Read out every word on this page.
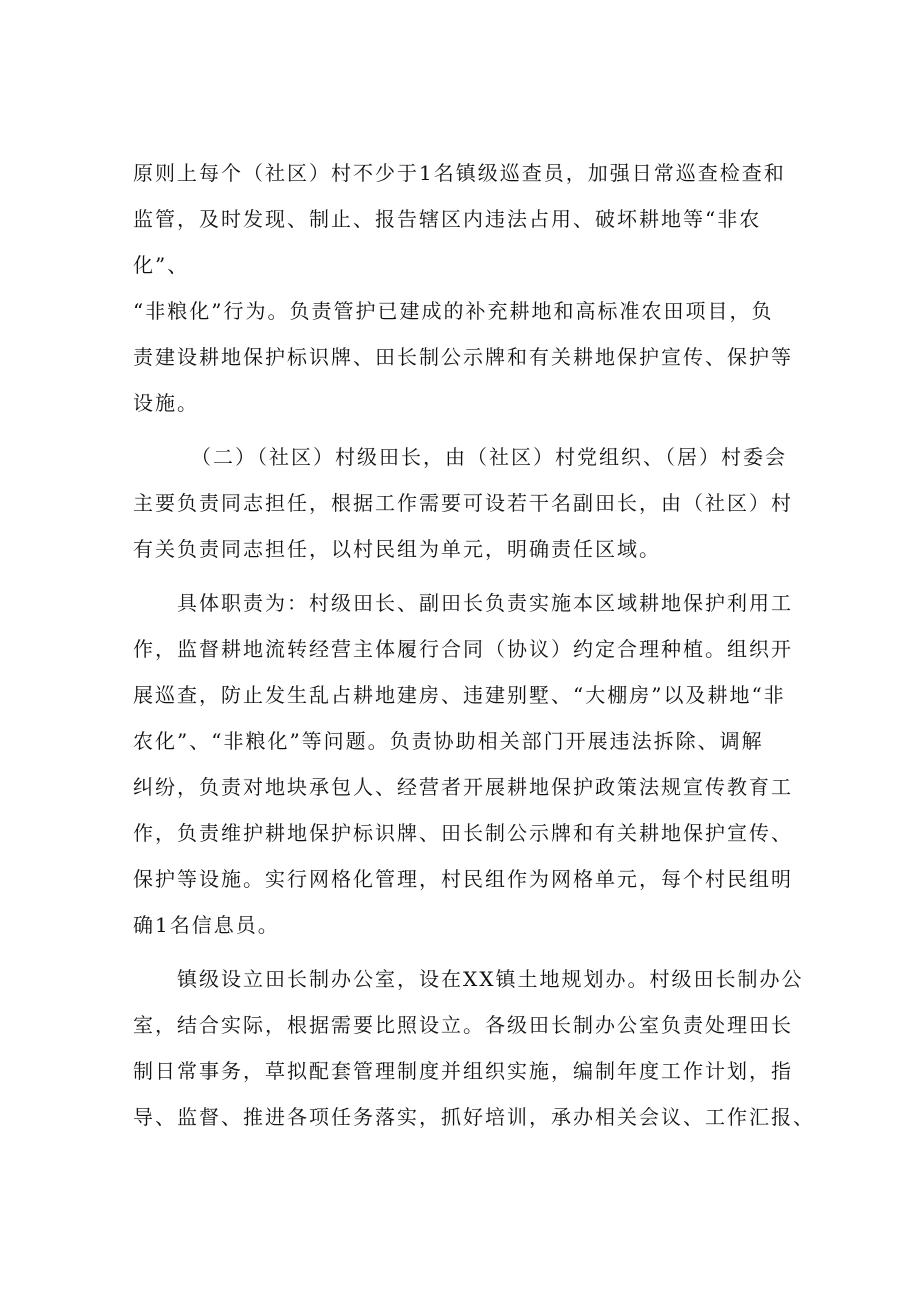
原则上每个（社区）村不少于1名镇级巡查员，加强日常巡查检查和
监管，及时发现、制止、报告辖区内违法占用、破坏耕地等“非农
化”、
“非粮化”行为。负责管护已建成的补充耕地和高标准农田项目，负
责建设耕地保护标识牌、田长制公示牌和有关耕地保护宣传、保护等
设施。
（二）（社区）村级田长，由（社区）村党组织、（居）村委会
主要负责同志担任，根据工作需要可设若干名副田长，由（社区）村
有关负责同志担任，以村民组为单元，明确责任区域。
具体职责为：村级田长、副田长负责实施本区域耕地保护利用工
作，监督耕地流转经营主体履行合同（协议）约定合理种植。组织开
展巡查，防止发生乱占耕地建房、违建别墅、“大棚房”以及耕地“非
农化”、“非粮化”等问题。负责协助相关部门开展违法拆除、调解
纠纷，负责对地块承包人、经营者开展耕地保护政策法规宣传教育工
作，负责维护耕地保护标识牌、田长制公示牌和有关耕地保护宣传、
保护等设施。实行网格化管理，村民组作为网格单元，每个村民组明
确1名信息员。
镇级设立田长制办公室，设在XX镇土地规划办。村级田长制办公
室，结合实际，根据需要比照设立。各级田长制办公室负责处理田长
制日常事务，草拟配套管理制度并组织实施，编制年度工作计划，指
导、监督、推进各项任务落实，抓好培训，承办相关会议、工作汇报、
